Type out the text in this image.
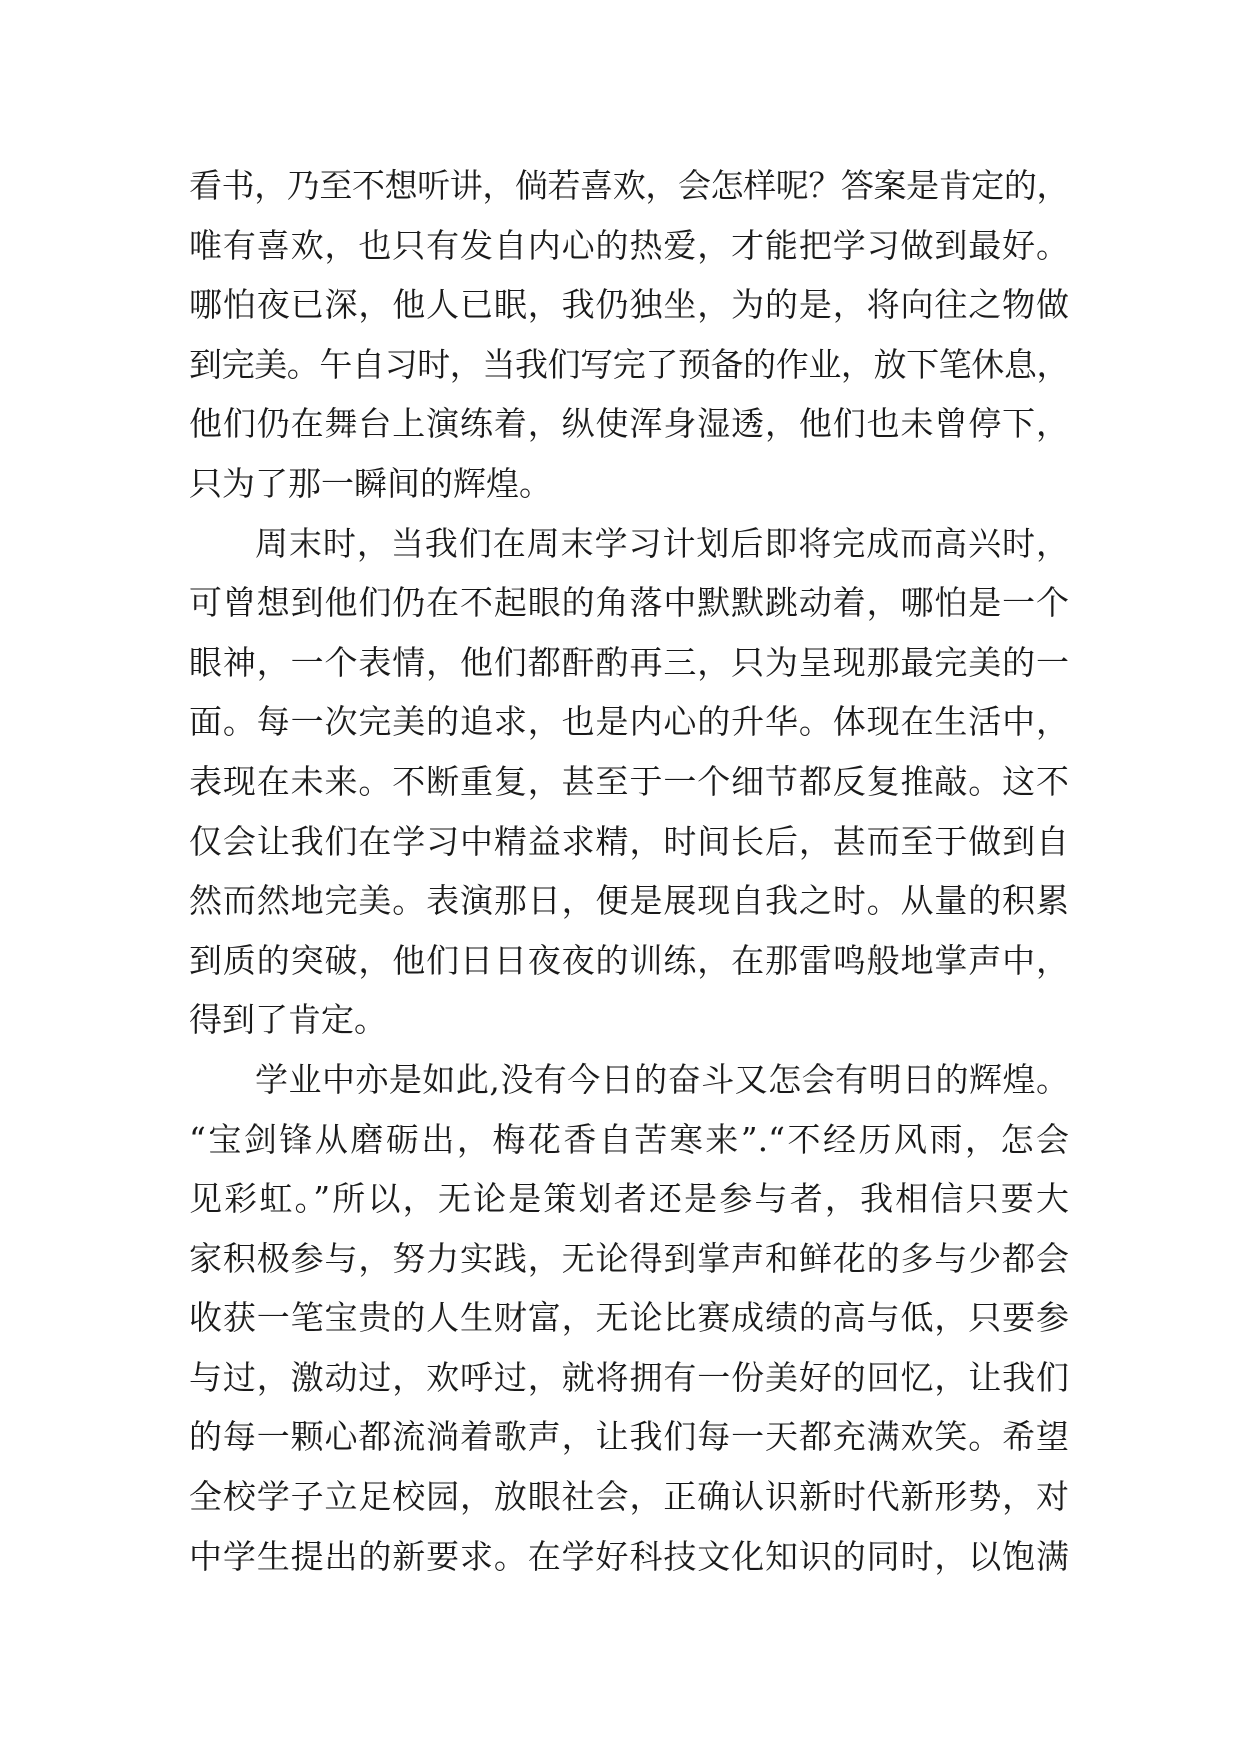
看书，乃至不想听讲，倘若喜欢，会怎样呢？答案是肯定的，
唯有喜欢，也只有发自内心的热爱，才能把学习做到最好。
哪怕夜已深，他人已眠，我仍独坐，为的是，将向往之物做
到完美。午自习时，当我们写完了预备的作业，放下笔休息，
他们仍在舞台上演练着，纵使浑身湿透，他们也未曾停下，
只为了那一瞬间的辉煌。
周末时，当我们在周末学习计划后即将完成而高兴时，
可曾想到他们仍在不起眼的角落中默默跳动着，哪怕是一个
眼神，一个表情，他们都酐酌再三，只为呈现那最完美的一
面。每一次完美的追求，也是内心的升华。体现在生活中，
表现在未来。不断重复，甚至于一个细节都反复推敲。这不
仅会让我们在学习中精益求精，时间长后，甚而至于做到自
然而然地完美。表演那日，便是展现自我之时。从量的积累
到质的突破，他们日日夜夜的训练，在那雷鸣般地掌声中，
得到了肯定。
学业中亦是如此,没有今日的奋斗又怎会有明日的辉煌。
“宝剑锋从磨砺出，梅花香自苦寒来”.“不经历风雨，怎会
见彩虹。”所以，无论是策划者还是参与者，我相信只要大
家积极参与，努力实践，无论得到掌声和鲜花的多与少都会
收获一笔宝贵的人生财富，无论比赛成绩的高与低，只要参
与过，激动过，欢呼过，就将拥有一份美好的回忆，让我们
的每一颗心都流淌着歌声，让我们每一天都充满欢笑。希望
全校学子立足校园，放眼社会，正确认识新时代新形势，对
中学生提出的新要求。在学好科技文化知识的同时，以饱满
